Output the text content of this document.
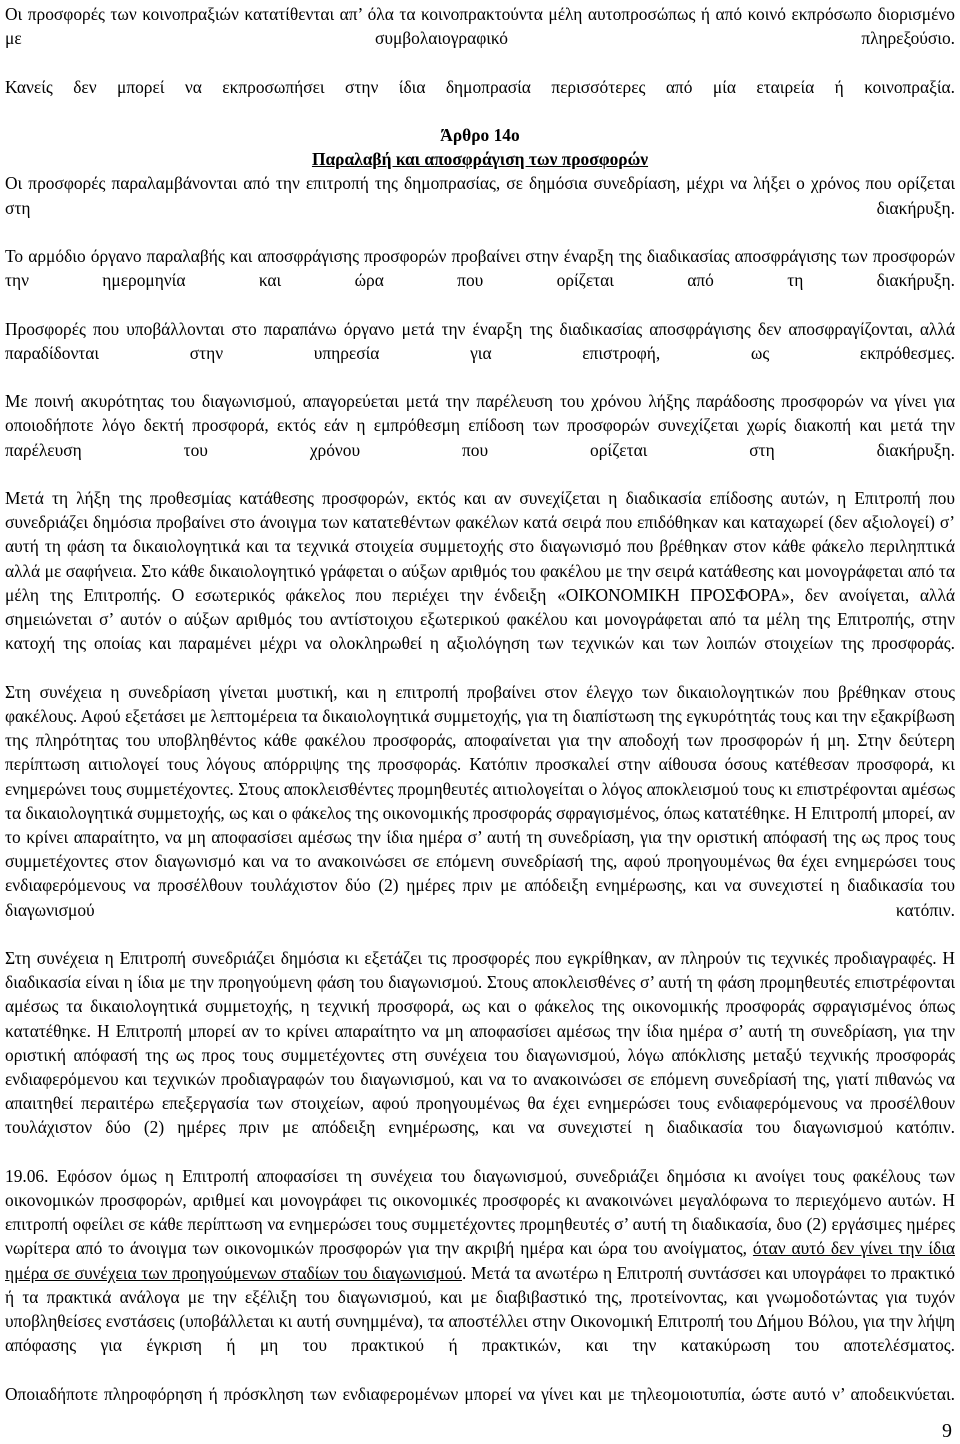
Οι προσφορές των κοινοπραξιών κατατίθενται απ’ όλα τα κοινοπρακτούντα μέλη αυτοπροσώπως ή από κοινό εκπρόσωπο διορισμένο με συμβολαιογραφικό πληρεξούσιο.

Κανείς δεν μπορεί να εκπροσωπήσει στην ίδια δημοπρασία περισσότερες από μία εταιρεία ή κοινοπραξία.

Άρθρο 14ο

Παραλαβή και αποσφράγιση των προσφορών

Οι προσφορές παραλαμβάνονται από την επιτροπή της δημοπρασίας, σε δημόσια συνεδρίαση, μέχρι να λήξει ο χρόνος που ορίζεται στη διακήρυξη.

Το αρμόδιο όργανο παραλαβής και αποσφράγισης προσφορών προβαίνει στην έναρξη της διαδικασίας αποσφράγισης των προσφορών την ημερομηνία και ώρα που ορίζεται από τη διακήρυξη.

Προσφορές που υποβάλλονται στο παραπάνω όργανο μετά την έναρξη της διαδικασίας αποσφράγισης δεν αποσφραγίζονται, αλλά παραδίδονται στην υπηρεσία για επιστροφή, ως εκπρόθεσμες.

Με ποινή ακυρότητας του διαγωνισμού, απαγορεύεται μετά την παρέλευση του χρόνου λήξης παράδοσης προσφορών να γίνει για οποιοδήποτε λόγο δεκτή προσφορά, εκτός εάν η εμπρόθεσμη επίδοση των προσφορών συνεχίζεται χωρίς διακοπή και μετά την παρέλευση του χρόνου που ορίζεται στη διακήρυξη.

Μετά τη λήξη της προθεσμίας κατάθεσης προσφορών, εκτός και αν συνεχίζεται η διαδικασία επίδοσης αυτών, η Επιτροπή που συνεδριάζει δημόσια προβαίνει στο άνοιγμα των κατατεθέντων φακέλων κατά σειρά που επιδόθηκαν και καταχωρεί (δεν αξιολογεί) σ’ αυτή τη φάση τα δικαιολογητικά και τα τεχνικά στοιχεία συμμετοχής στο διαγωνισμό που βρέθηκαν στον κάθε φάκελο περιληπτικά αλλά με σαφήνεια. Στο κάθε δικαιολογητικό γράφεται ο αύξων αριθμός του φακέλου με την σειρά κατάθεσης και μονογράφεται από τα μέλη της Επιτροπής. Ο εσωτερικός φάκελος που περιέχει την ένδειξη «ΟΙΚΟΝΟΜΙΚΗ ΠΡΟΣΦΟΡΑ», δεν ανοίγεται, αλλά σημειώνεται σ’ αυτόν ο αύξων αριθμός του αντίστοιχου εξωτερικού φακέλου και μονογράφεται από τα μέλη της Επιτροπής, στην κατοχή της οποίας και παραμένει μέχρι να ολοκληρωθεί η αξιολόγηση των τεχνικών και των λοιπών στοιχείων της προσφοράς.

Στη συνέχεια η συνεδρίαση γίνεται μυστική, και η επιτροπή προβαίνει στον έλεγχο των δικαιολογητικών που βρέθηκαν στους φακέλους. Αφού εξετάσει με λεπτομέρεια τα δικαιολογητικά συμμετοχής, για τη διαπίστωση της εγκυρότητάς τους και την εξακρίβωση της πληρότητας του υποβληθέντος κάθε φακέλου προσφοράς, αποφαίνεται για την αποδοχή των προσφορών ή μη. Στην δεύτερη περίπτωση αιτιολογεί τους λόγους απόρριψης της προσφοράς. Κατόπιν προσκαλεί στην αίθουσα όσους κατέθεσαν προσφορά, κι ενημερώνει τους συμμετέχοντες. Στους αποκλεισθέντες προμηθευτές αιτιολογείται ο λόγος αποκλεισμού τους κι επιστρέφονται αμέσως τα δικαιολογητικά συμμετοχής, ως και ο φάκελος της οικονομικής προσφοράς σφραγισμένος, όπως κατατέθηκε. Η Επιτροπή μπορεί, αν το κρίνει απαραίτητο, να μη αποφασίσει αμέσως την ίδια ημέρα σ’ αυτή τη συνεδρίαση, για την οριστική απόφασή της ως προς τους συμμετέχοντες στον διαγωνισμό και να το ανακοινώσει σε επόμενη συνεδρίασή της, αφού προηγουμένως θα έχει ενημερώσει τους ενδιαφερόμενους να προσέλθουν τουλάχιστον δύο (2) ημέρες πριν με απόδειξη ενημέρωσης, και να συνεχιστεί η διαδικασία του διαγωνισμού κατόπιν.

Στη συνέχεια η Επιτροπή συνεδριάζει δημόσια κι εξετάζει τις προσφορές που εγκρίθηκαν, αν πληρούν τις τεχνικές προδιαγραφές. Η διαδικασία είναι η ίδια με την προηγούμενη φάση του διαγωνισμού. Στους αποκλεισθένες σ’ αυτή τη φάση προμηθευτές επιστρέφονται αμέσως τα δικαιολογητικά συμμετοχής, η τεχνική προσφορά, ως και ο φάκελος της οικονομικής προσφοράς σφραγισμένος όπως κατατέθηκε. Η Επιτροπή μπορεί αν το κρίνει απαραίτητο να μη αποφασίσει αμέσως την ίδια ημέρα σ’ αυτή τη συνεδρίαση, για την οριστική απόφασή της ως προς τους συμμετέχοντες στη συνέχεια του διαγωνισμού, λόγω απόκλισης μεταξύ τεχνικής προσφοράς ενδιαφερόμενου και τεχνικών προδιαγραφών του διαγωνισμού, και να το ανακοινώσει σε επόμενη συνεδρίασή της, γιατί πιθανώς να απαιτηθεί περαιτέρω επεξεργασία των στοιχείων, αφού προηγουμένως θα έχει ενημερώσει τους ενδιαφερόμενους να προσέλθουν τουλάχιστον δύο (2) ημέρες πριν με απόδειξη ενημέρωσης, και να συνεχιστεί η διαδικασία του διαγωνισμού κατόπιν.

19.06. Εφόσον όμως η Επιτροπή αποφασίσει τη συνέχεια του διαγωνισμού, συνεδριάζει δημόσια κι ανοίγει τους φακέλους των οικονομικών προσφορών, αριθμεί και μονογράφει τις οικονομικές προσφορές κι ανακοινώνει μεγαλόφωνα το περιεχόμενο αυτών. Η επιτροπή οφείλει σε κάθε περίπτωση να ενημερώσει τους συμμετέχοντες προμηθευτές σ’ αυτή τη διαδικασία, δυο (2) εργάσιμες ημέρες νωρίτερα από το άνοιγμα των οικονομικών προσφορών για την ακριβή ημέρα και ώρα του ανοίγματος, όταν αυτό δεν γίνει την ίδια ημέρα σε συνέχεια των προηγούμενων σταδίων του διαγωνισμού. Μετά τα ανωτέρω η Επιτροπή συντάσσει και υπογράφει το πρακτικό ή τα πρακτικά ανάλογα με την εξέλιξη του διαγωνισμού, και με διαβιβαστικό της, προτείνοντας, και γνωμοδοτώντας για τυχόν υποβληθείσες ενστάσεις (υποβάλλεται κι αυτή συνημμένα), τα αποστέλλει στην Οικονομική Επιτροπή του Δήμου Βόλου, για την λήψη απόφασης για έγκριση ή μη του πρακτικού ή πρακτικών, και την κατακύρωση του αποτελέσματος.

Οποιαδήποτε πληροφόρηση ή πρόσκληση των ενδιαφερομένων μπορεί να γίνει και με τηλεομοιοτυπία, ώστε αυτό ν’ αποδεικνύεται.

9
